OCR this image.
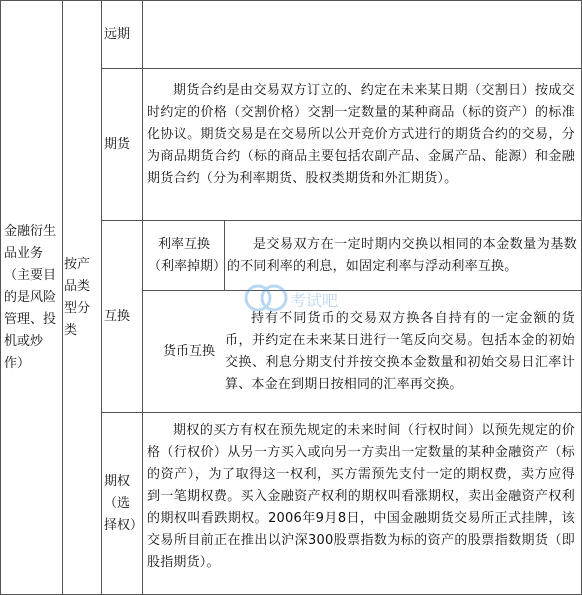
金融衍生品业务（主要目的是风险管理、投机或炒作）
按产品类型分类
远期
期货
期货合约是由交易双方订立的、约定在未来某日期（交割日）按成交时约定的价格（交割价格）交割一定数量的某种商品（标的资产）的标准化协议。期货交易是在交易所以公开竞价方式进行的期货合约的交易，分为商品期货合约（标的商品主要包括农副产品、金属产品、能源）和金融期货合约（分为利率期货、股权类期货和外汇期货）。
互换
利率互换（利率掉期）
是交易双方在一定时期内交换以相同的本金数量为基数的不同利率的利息，如固定利率与浮动利率互换。
货币互换
持有不同货币的交易双方换各自持有的一定金额的货币，并约定在未来某日进行一笔反向交易。包括本金的初始交换、利息分期支付并按交换本金数量和初始交易日汇率计算、本金在到期日按相同的汇率再交换。
期权（选择权）
期权的买方有权在预先规定的未来时间（行权时间）以预先规定的价格（行权价）从另一方买入或向另一方卖出一定数量的某种金融资产（标的资产），为了取得这一权利，买方需预先支付一定的期权费，卖方应得到一笔期权费。买入金融资产权利的期权叫看涨期权，卖出金融资产权利的期权叫看跌期权。2006年9月8日，中国金融期货交易所正式挂牌，该交易所目前正在推出以沪深300股票指数为标的资产的股票指数期货（即股指期货）。
考试吧
